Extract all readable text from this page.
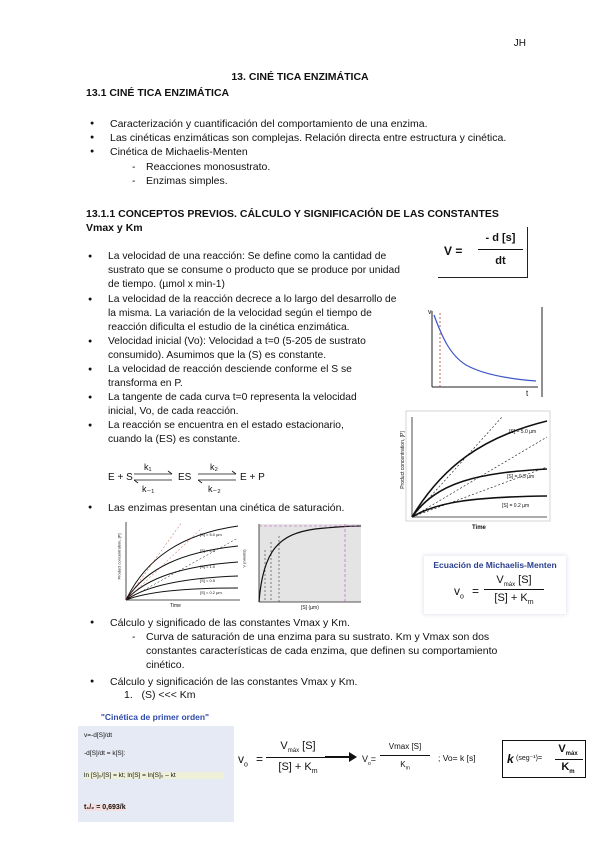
JH
13. CINÉ TICA ENZIMÁTICA
13.1 CINÉ TICA ENZIMÁTICA
● Caracterización y cuantificación del comportamiento de una enzima.
● Las cinéticas enzimáticas son complejas. Relación directa entre estructura y cinética.
● Cinética de Michaelis-Menten
- Reacciones monosustrato.
- Enzimas simples.
13.1.1 CONCEPTOS PREVIOS. CÁLCULO Y SIGNIFICACIÓN DE LAS CONSTANTES Vmax y Km
V =
- d [s]
dt
● La velocidad de una reacción: Se define como la cantidad de sustrato que se consume o producto que se produce por unidad de tiempo. (µmol x min-1)
● La velocidad de la reacción decrece a lo largo del desarrollo de la misma. La variación de la velocidad según el tiempo de reacción dificulta el estudio de la cinética enzimática.
● Velocidad inicial (Vo): Velocidad a t=0 (5-205 de sustrato consumido). Asumimos que la (S) es constante.
● La velocidad de reacción desciende conforme el S se transforma en P.
● La tangente de cada curva t=0 representa la velocidad inicial, Vo, de cada reacción.
● La reacción se encuentra en el estado estacionario, cuando la (ES) es constante.
E + S
k₁
k₋₁
⇌ ES
k₂
k₋₂
⇌ E + P
● Las enzimas presentan una cinética de saturación.
v
t
Product concentration, [P]
Time
[S] = 5.0 µm
[S] = 0.5 µm
[S] = 0.2 µm
Product concentration, [P]
Time
[S] = 5.0 µm
[S] = 2.0
[S] = 1.0
[S] = 0.5
[S] = 0.2 µm
V (nmol/s)
[S] (µm)
Ecuación de Michaelis-Menten
$v_o$ =
$V_{máx}$ [S]
$[S] + K_m$
● Cálculo y significado de las constantes Vmax y Km.
- Curva de saturación de una enzima para su sustrato. Km y Vmax son dos constantes características de cada enzima, que definen su comportamiento cinético.
● Cálculo y significación de las constantes Vmax y Km.
1.   (S) <<< Km
"Cinética de primer orden"
v=-d[S]/dt
-d[S]/dt = k[S]:
ln [S]₀/[S] = kt; ln[S] = ln[S]₀ – kt
t₁/₂ = 0,693/k
$v_o$ =
$V_{máx}$ [S]
$[S] + K_m$
$V_o=$
Vmax [S]
$K_m$
; Vo= k [s]	k (seg⁻¹)=
$V_{máx}$
$K_m$
